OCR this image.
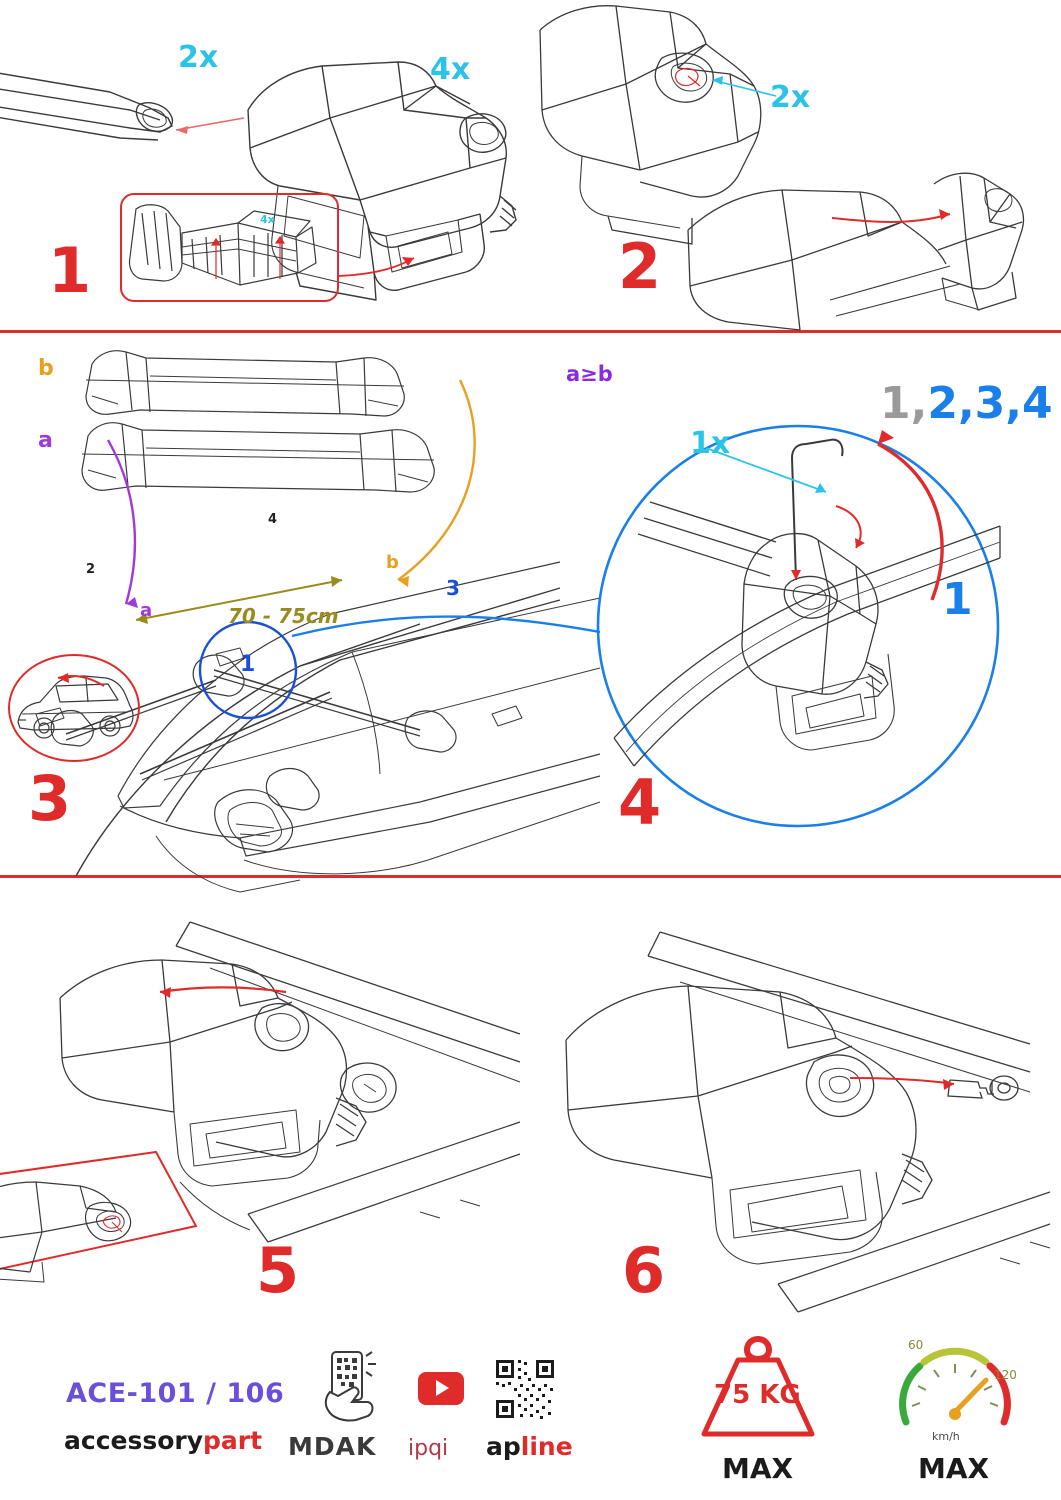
2x	4x
4x
1
2x
2
b
a
a
b
70 - 75cm
1
2
3
4
3
a≥b
1x
1,2,3,4
1
4
5	6
ACE-101 / 106
accessorypart MDAK ipqi apline
75 KG
MAX
60
120
km/h
MAX
